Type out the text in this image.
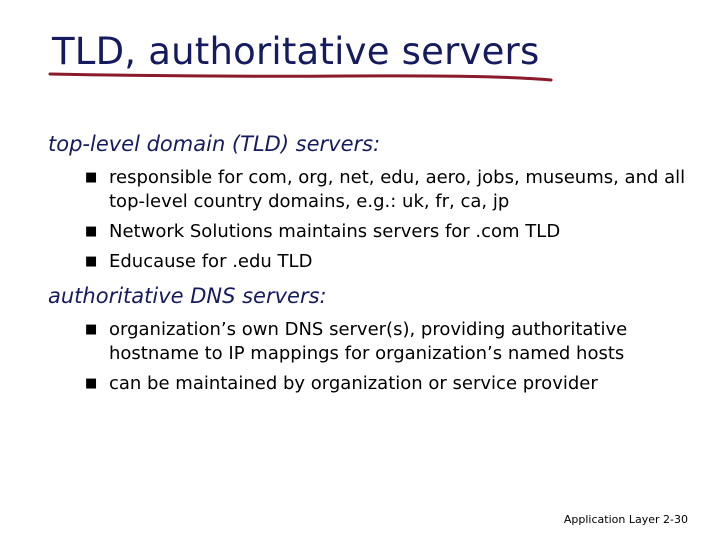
TLD, authoritative servers
top-level domain (TLD) servers:
■ responsible for com, org, net, edu, aero, jobs, museums, and all top-level country domains, e.g.: uk, fr, ca, jp
■ Network Solutions maintains servers for .com TLD
■ Educause for .edu TLD
authoritative DNS servers:
■ organization’s own DNS server(s), providing authoritative hostname to IP mappings for organization’s named hosts
■ can be maintained by organization or service provider
Application Layer 2-30
